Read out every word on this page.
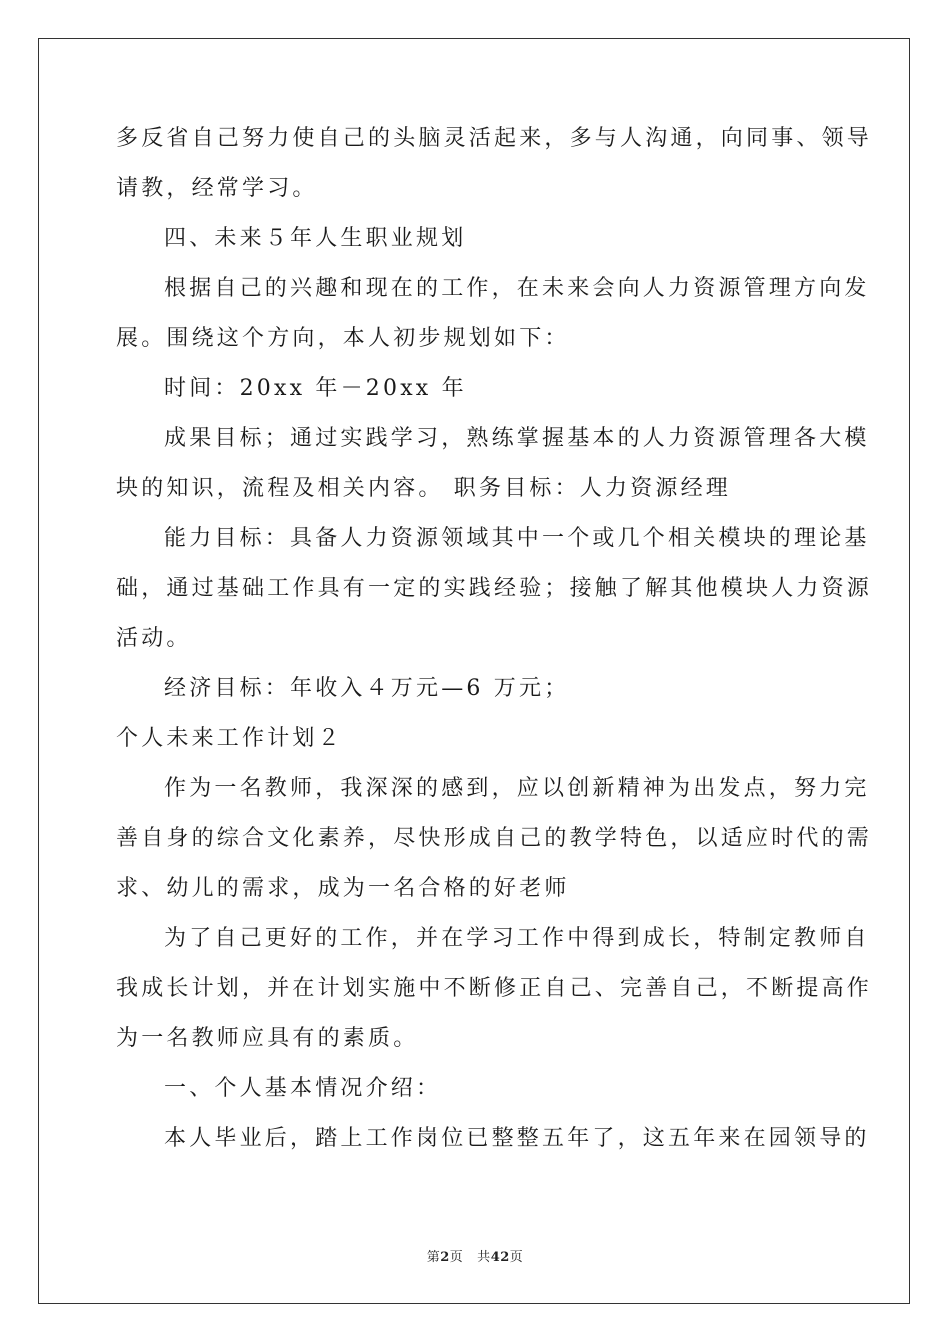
多反省自己努力使自己的头脑灵活起来，多与人沟通，向同事、领导
请教，经常学习。
四、未来５年人生职业规划
根据自己的兴趣和现在的工作，在未来会向人力资源管理方向发
展。围绕这个方向，本人初步规划如下：
时间：20xx 年－20xx 年
成果目标；通过实践学习，熟练掌握基本的人力资源管理各大模
块的知识，流程及相关内容。 职务目标：人力资源经理
能力目标：具备人力资源领域其中一个或几个相关模块的理论基
础，通过基础工作具有一定的实践经验；接触了解其他模块人力资源
活动。
经济目标：年收入４万元—6 万元；
个人未来工作计划２
作为一名教师，我深深的感到，应以创新精神为出发点，努力完
善自身的综合文化素养，尽快形成自己的教学特色，以适应时代的需
求、幼儿的需求，成为一名合格的好老师
为了自己更好的工作，并在学习工作中得到成长，特制定教师自
我成长计划，并在计划实施中不断修正自己、完善自己，不断提高作
为一名教师应具有的素质。
一、个人基本情况介绍：
本人毕业后，踏上工作岗位已整整五年了，这五年来在园领导的
第2页 共42页
